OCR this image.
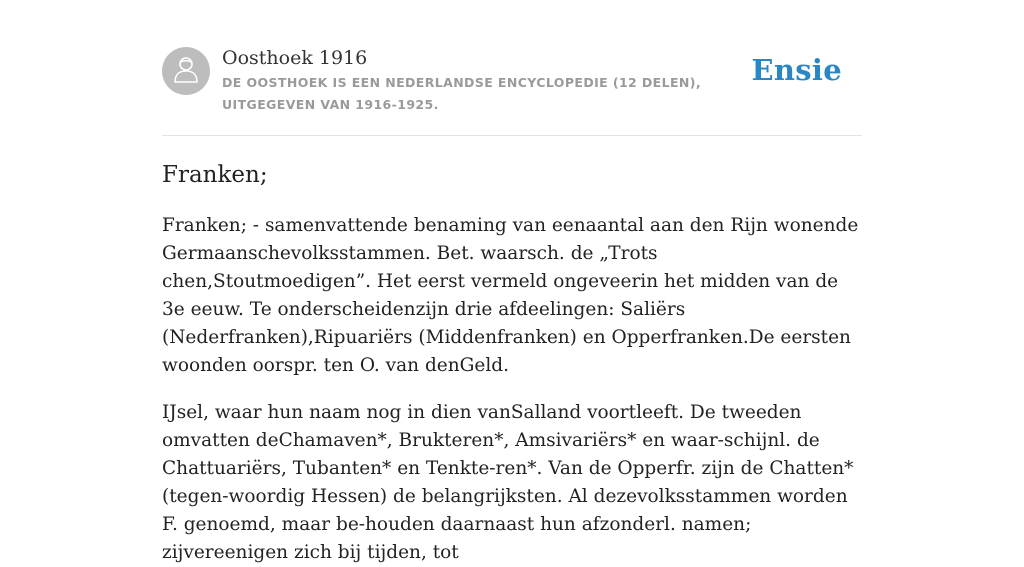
Oosthoek 1916
DE OOSTHOEK IS EEN NEDERLANDSE ENCYCLOPEDIE (12 DELEN), UITGEGEVEN VAN 1916-1925.
Ensie
Franken;

Franken; - samenvattende benaming van eenaantal aan den Rijn wonende Germaanschevolksstammen. Bet. waarsch. de „Trots chen,Stoutmoedigen”. Het eerst vermeld ongeveerin het midden van de 3e eeuw. Te onderscheidenzijn drie afdeelingen: Saliërs (Nederfranken),Ripuariërs (Middenfranken) en Opperfranken.De eersten woonden oorspr. ten O. van denGeld.

IJsel, waar hun naam nog in dien vanSalland voortleeft. De tweeden omvatten deChamaven*, Brukteren*, Amsivariërs* en waar-schijnl. de Chattuariërs, Tubanten* en Tenkte-ren*. Van de Opperfr. zijn de Chatten* (tegen-woordig Hessen) de belangrijksten. Al dezevolksstammen worden F. genoemd, maar be-houden daarnaast hun afzonderl. namen; zijvereenigen zich bij tijden, tot
